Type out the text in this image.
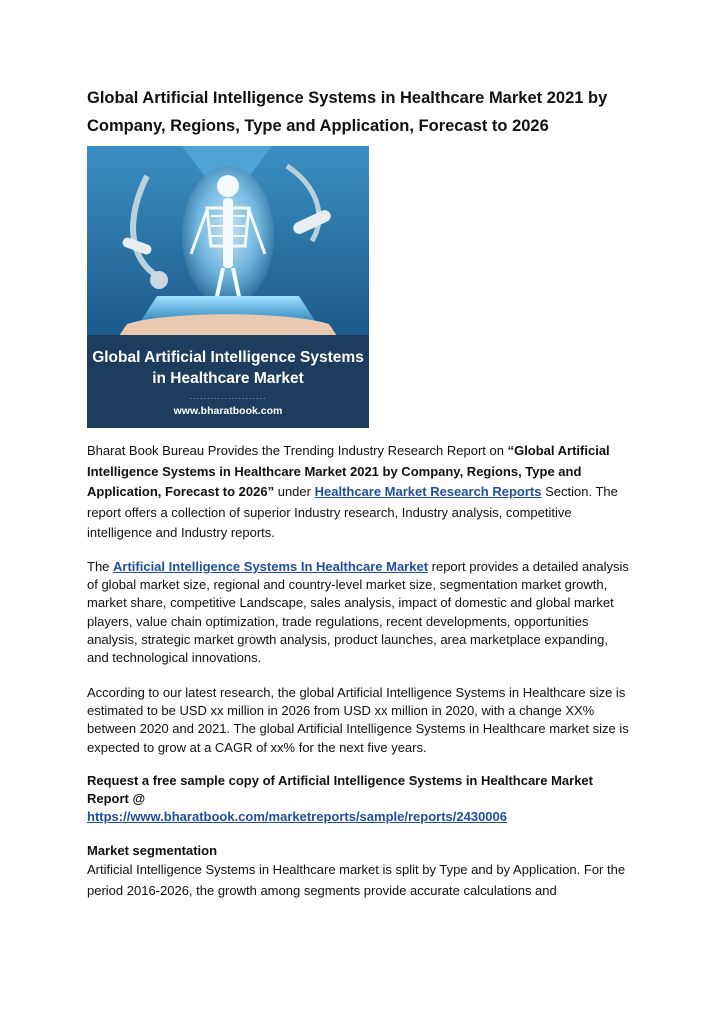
Global Artificial Intelligence Systems in Healthcare Market 2021 by Company, Regions, Type and Application, Forecast to 2026
Global Artificial Intelligence Systems in Healthcare Market
......................
www.bharatbook.com
Bharat Book Bureau Provides the Trending Industry Research Report on “Global Artificial Intelligence Systems in Healthcare Market 2021 by Company, Regions, Type and Application, Forecast to 2026” under Healthcare Market Research Reports Section. The report offers a collection of superior Industry research, Industry analysis, competitive intelligence and Industry reports.
The Artificial Intelligence Systems In Healthcare Market report provides a detailed analysis of global market size, regional and country-level market size, segmentation market growth, market share, competitive Landscape, sales analysis, impact of domestic and global market players, value chain optimization, trade regulations, recent developments, opportunities analysis, strategic market growth analysis, product launches, area marketplace expanding, and technological innovations.
According to our latest research, the global Artificial Intelligence Systems in Healthcare size is estimated to be USD xx million in 2026 from USD xx million in 2020, with a change XX% between 2020 and 2021. The global Artificial Intelligence Systems in Healthcare market size is expected to grow at a CAGR of xx% for the next five years.
Request a free sample copy of Artificial Intelligence Systems in Healthcare Market Report @
https://www.bharatbook.com/marketreports/sample/reports/2430006
Market segmentation
Artificial Intelligence Systems in Healthcare market is split by Type and by Application. For the period 2016-2026, the growth among segments provide accurate calculations and
